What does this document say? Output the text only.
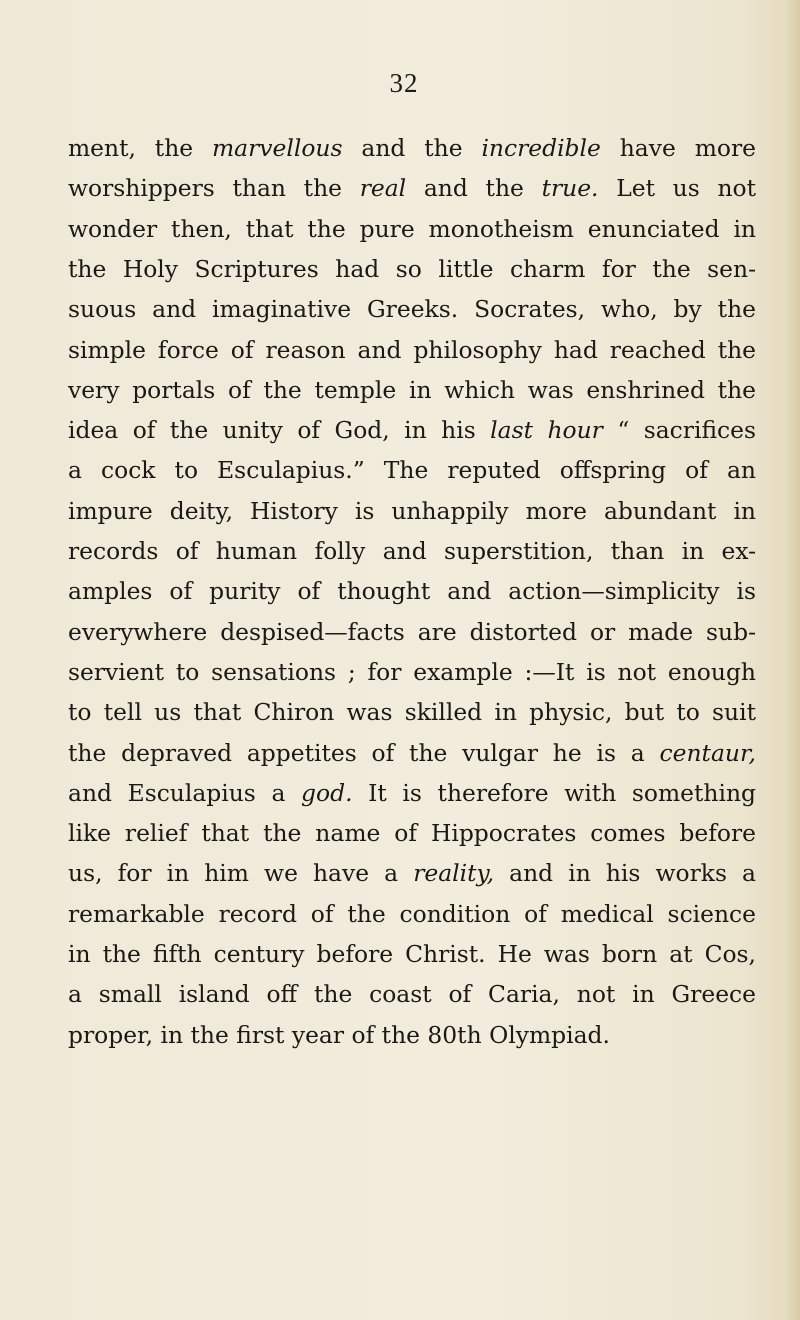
32
ment, the marvellous and the incredible have more
worshippers than the real and the true. Let us not
wonder then, that the pure monotheism enunciated in
the Holy Scriptures had so little charm for the sen-
suous and imaginative Greeks. Socrates, who, by the
simple force of reason and philosophy had reached the
very portals of the temple in which was enshrined the
idea of the unity of God, in his last hour “ sacrifices
a cock to Esculapius.” The reputed offspring of an
impure deity, History is unhappily more abundant in
records of human folly and superstition, than in ex-
amples of purity of thought and action—simplicity is
everywhere despised—facts are distorted or made sub-
servient to sensations ; for example :—It is not enough
to tell us that Chiron was skilled in physic, but to suit
the depraved appetites of the vulgar he is a centaur,
and Esculapius a god. It is therefore with something
like relief that the name of Hippocrates comes before
us, for in him we have a reality, and in his works a
remarkable record of the condition of medical science
in the fifth century before Christ. He was born at Cos,
a small island off the coast of Caria, not in Greece
proper, in the first year of the 80th Olympiad.
